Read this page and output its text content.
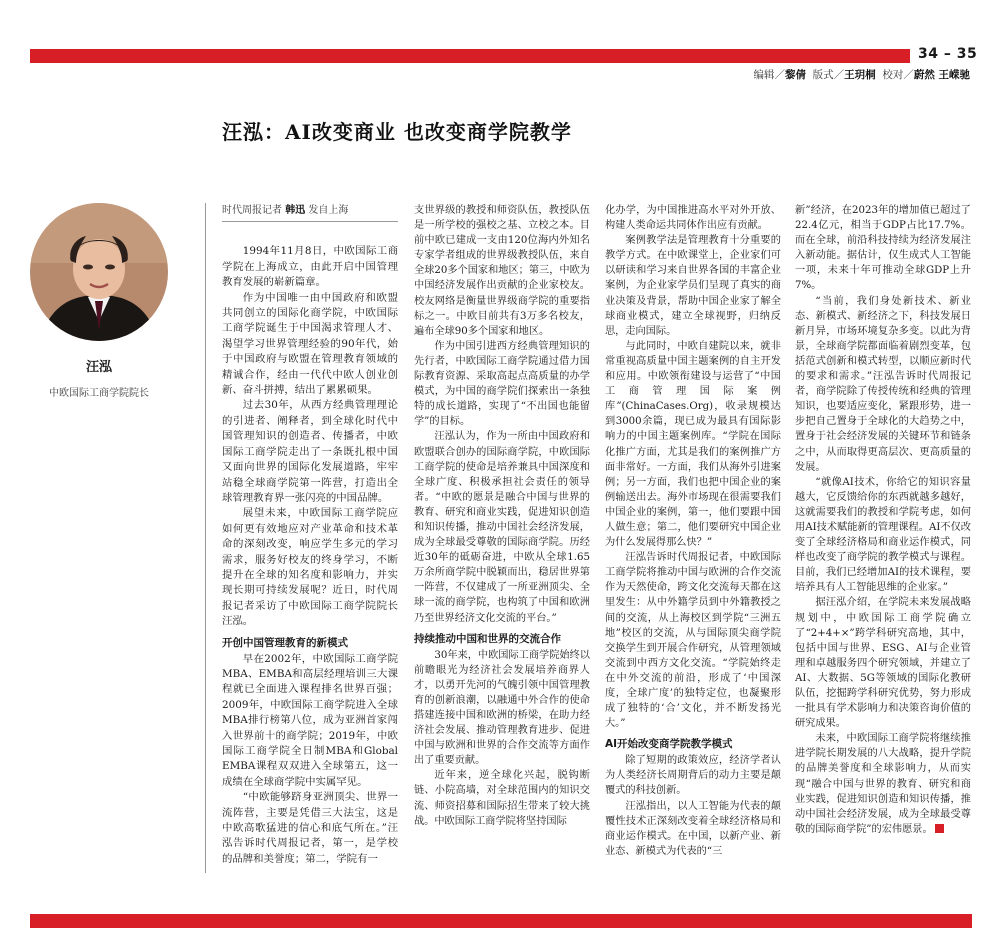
34 – 35
编辑／黎倩 版式／王玥桐 校对／蔚然 王嵘驰
汪泓：AI改变商业 也改变商学院教学
汪泓
中欧国际工商学院院长
时代周报记者 韩迅 发自上海

1994年11月8日，中欧国际工商学院在上海成立，由此开启中国管理教育发展的崭新篇章。

作为中国唯一由中国政府和欧盟共同创立的国际化商学院，中欧国际工商学院诞生于中国渴求管理人才、渴望学习世界管理经验的90年代，始于中国政府与欧盟在管理教育领域的精诚合作，经由一代代中欧人创业创新、奋斗拼搏，结出了累累硕果。

过去30年，从西方经典管理理论的引进者、阐释者，到全球化时代中国管理知识的创造者、传播者，中欧国际工商学院走出了一条既扎根中国又面向世界的国际化发展道路，牢牢站稳全球商学院第一阵营，打造出全球管理教育界一张闪亮的中国品牌。

展望未来，中欧国际工商学院应如何更有效地应对产业革命和技术革命的深刻改变，响应学生多元的学习需求，服务好校友的终身学习，不断提升在全球的知名度和影响力，并实现长期可持续发展呢？近日，时代周报记者采访了中欧国际工商学院院长汪泓。

开创中国管理教育的新模式

早在2002年，中欧国际工商学院MBA、EMBA和高层经理培训三大课程就已全面进入课程排名世界百强；2009年，中欧国际工商学院进入全球MBA排行榜第八位，成为亚洲首家闯入世界前十的商学院；2019年，中欧国际工商学院全日制MBA和Global EMBA课程双双进入全球第五，这一成绩在全球商学院中实属罕见。

“中欧能够跻身亚洲顶尖、世界一流阵营，主要是凭借三大法宝，这是中欧高歌猛进的信心和底气所在。”汪泓告诉时代周报记者，第一，是学校的品牌和美誉度；第二，学院有一

支世界级的教授和师资队伍，教授队伍是一所学校的强校之基、立校之本。目前中欧已建成一支由120位海内外知名专家学者组成的世界级教授队伍，来自全球20多个国家和地区；第三，中欧为中国经济发展作出贡献的企业家校友。校友网络是衡量世界级商学院的重要指标之一。中欧目前共有3万多名校友，遍布全球90多个国家和地区。

作为中国引进西方经典管理知识的先行者，中欧国际工商学院通过借力国际教育资源、采取高起点高质量的办学模式，为中国的商学院们探索出一条独特的成长道路，实现了“不出国也能留学”的目标。

汪泓认为，作为一所由中国政府和欧盟联合创办的国际商学院，中欧国际工商学院的使命是培养兼具中国深度和全球广度、积极承担社会责任的领导者。“中欧的愿景是融合中国与世界的教育、研究和商业实践，促进知识创造和知识传播，推动中国社会经济发展，成为全球最受尊敬的国际商学院。历经近30年的砥砺奋进，中欧从全球1.65万余所商学院中脱颖而出，稳居世界第一阵营，不仅建成了一所亚洲顶尖、全球一流的商学院，也构筑了中国和欧洲乃至世界经济文化交流的平台。”

持续推动中国和世界的交流合作

30年来，中欧国际工商学院始终以前瞻眼光为经济社会发展培养商界人才，以勇开先河的气魄引领中国管理教育的创新浪潮，以融通中外合作的使命搭建连接中国和欧洲的桥梁，在助力经济社会发展、推动管理教育进步、促进中国与欧洲和世界的合作交流等方面作出了重要贡献。

近年来，逆全球化兴起，脱钩断链、小院高墙，对全球范围内的知识交流、师资招募和国际招生带来了较大挑战。中欧国际工商学院将坚持国际

化办学，为中国推进高水平对外开放、构建人类命运共同体作出应有贡献。

案例教学法是管理教育十分重要的教学方式。在中欧课堂上，企业家们可以研读和学习来自世界各国的丰富企业案例，为企业家学员们呈现了真实的商业决策及背景，帮助中国企业家了解全球商业模式，建立全球视野，归纳反思，走向国际。

与此同时，中欧自建院以来，就非常重视高质量中国主题案例的自主开发和应用。中欧领衔建设与运营了“中国工商管理国际案例库”(ChinaCases.Org)，收录规模达到3000余篇，现已成为最具有国际影响力的中国主题案例库。“学院在国际化推广方面，尤其是我们的案例推广方面非常好。一方面，我们从海外引进案例；另一方面，我们也把中国企业的案例输送出去。海外市场现在很需要我们中国企业的案例，第一，他们要跟中国人做生意；第二，他们要研究中国企业为什么发展得那么快？”

汪泓告诉时代周报记者，中欧国际工商学院将推动中国与欧洲的合作交流作为天然使命，跨文化交流每天都在这里发生：从中外籍学员到中外籍教授之间的交流，从上海校区到学院“三洲五地”校区的交流，从与国际顶尖商学院交换学生到开展合作研究，从管理领域交流到中西方文化交流。“学院始终走在中外交流的前沿，形成了‘中国深度，全球广度’的独特定位，也凝聚形成了独特的‘合’文化，并不断发扬光大。”

AI开始改变商学院教学模式

除了短期的政策效应，经济学者认为人类经济长周期背后的动力主要是颠覆式的科技创新。

汪泓指出，以人工智能为代表的颠覆性技术正深刻改变着全球经济格局和商业运作模式。在中国，以新产业、新业态、新模式为代表的“三

新”经济，在2023年的增加值已超过了22.4亿元，相当于GDP占比17.7%。而在全球，前沿科技持续为经济发展注入新动能。据估计，仅生成式人工智能一项，未来十年可推动全球GDP上升7%。

“当前，我们身处新技术、新业态、新模式、新经济之下，科技发展日新月异，市场环境复杂多变。以此为背景，全球商学院都面临着剧烈变革，包括范式创新和模式转型，以顺应新时代的要求和需求。”汪泓告诉时代周报记者，商学院除了传授传统和经典的管理知识，也要适应变化，紧跟形势，进一步把自己置身于全球化的大趋势之中，置身于社会经济发展的关键环节和链条之中，从而取得更高层次、更高质量的发展。

“就像AI技术，你给它的知识容量越大，它反馈给你的东西就越多越好，这就需要我们的教授和学院考虑，如何用AI技术赋能新的管理课程。AI不仅改变了全球经济格局和商业运作模式，同样也改变了商学院的教学模式与课程。目前，我们已经增加AI的技术课程，要培养具有人工智能思维的企业家。”

据汪泓介绍，在学院未来发展战略规划中，中欧国际工商学院确立了“2+4+×”跨学科研究高地，其中，包括中国与世界、ESG、AI与企业管理和卓越服务四个研究领域，并建立了AI、大数据、5G等领域的国际化教研队伍，挖掘跨学科研究优势，努力形成一批具有学术影响力和决策咨询价值的研究成果。

未来，中欧国际工商学院将继续推进学院长期发展的八大战略，提升学院的品牌美誉度和全球影响力，从而实现“融合中国与世界的教育、研究和商业实践，促进知识创造和知识传播，推动中国社会经济发展，成为全球最受尊敬的国际商学院”的宏伟愿景。
